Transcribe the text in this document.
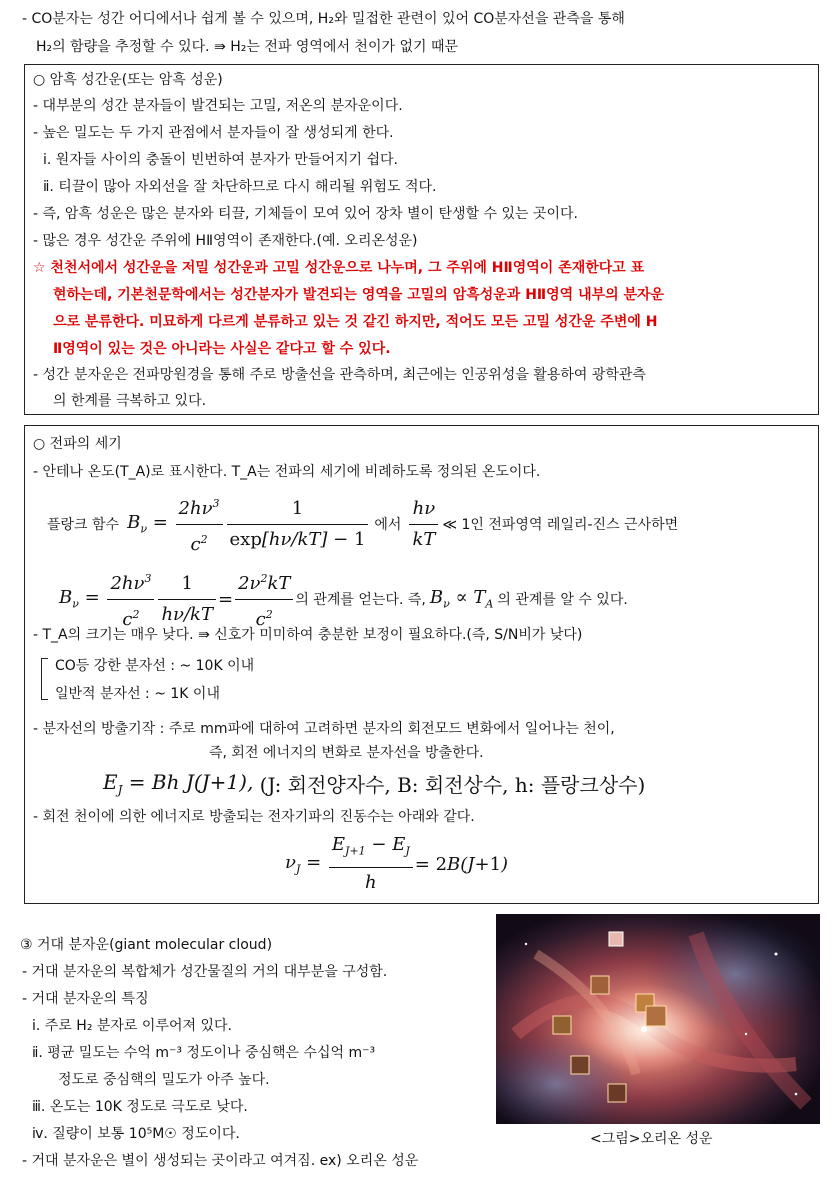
- CO분자는 성간 어디에서나 쉽게 볼 수 있으며, H₂와 밀접한 관련이 있어 CO분자선을 관측을 통해
H₂의 함량을 추정할 수 있다. ⇛ H₂는 전파 영역에서 천이가 없기 때문
○ 암흑 성간운(또는 암흑 성운)
- 대부분의 성간 분자들이 발견되는 고밀, 저온의 분자운이다.
- 높은 밀도는 두 가지 관점에서 분자들이 잘 생성되게 한다.
ⅰ. 원자들 사이의 충돌이 빈번하여 분자가 만들어지기 쉽다.
ⅱ. 티끌이 많아 자외선을 잘 차단하므로 다시 해리될 위험도 적다.
- 즉, 암흑 성운은 많은 분자와 티끌, 기체들이 모여 있어 장차 별이 탄생할 수 있는 곳이다.
- 많은 경우 성간운 주위에 HⅡ영역이 존재한다.(예. 오리온성운)
☆ 천천서에서 성간운을 저밀 성간운과 고밀 성간운으로 나누며, 그 주위에 HⅡ영역이 존재한다고 표
현하는데, 기본천문학에서는 성간분자가 발견되는 영역을 고밀의 암흑성운과 HⅡ영역 내부의 분자운
으로 분류한다. 미묘하게 다르게 분류하고 있는 것 같긴 하지만, 적어도 모든 고밀 성간운 주변에 H
Ⅱ영역이 있는 것은 아니라는 사실은 같다고 할 수 있다.
- 성간 분자운은 전파망원경을 통해 주로 방출선을 관측하며, 최근에는 인공위성을 활용하여 광학관측
의 한계를 극복하고 있다.
○ 전파의 세기
- 안테나 온도(T_A)로 표시한다. T_A는 전파의 세기에 비례하도록 정의된 온도이다.
플랑크 함수 $B_\nu = \frac{2h\nu^3}{c^2} \frac{1}{\exp[h\nu/kT] - 1}$ 에서 $\frac{h\nu}{kT}$ ≪ 1인 전파영역 레일리-진스 근사하면
$B_\nu = \frac{2h\nu^3}{c^2} \frac{1}{h\nu/kT} = \frac{2\nu^2kT}{c^2}$ 의 관계를 얻는다. 즉, $B_\nu \propto T_A$ 의 관계를 알 수 있다.
- T_A의 크기는 매우 낮다. ⇛ 신호가 미미하여 충분한 보정이 필요하다.(즉, S/N비가 낮다)
CO등 강한 분자선 : ~ 10K 이내
일반적 분자선 : ~ 1K 이내
- 분자선의 방출기작 : 주로 mm파에 대하여 고려하면 분자의 회전모드 변화에서 일어나는 천이,
즉, 회전 에너지의 변화로 분자선을 방출한다.
$E_J = Bh$ J(J+1), (J: 회전양자수, B: 회전상수, h: 플랑크상수)
- 회전 천이에 의한 에너지로 방출되는 전자기파의 진동수는 아래와 같다.
$\nu_J = \frac{E_{J+1} - E_J}{h} = 2B(J+1)$
③ 거대 분자운(giant molecular cloud)
- 거대 분자운의 복합체가 성간물질의 거의 대부분을 구성함.
- 거대 분자운의 특징
ⅰ. 주로 H₂ 분자로 이루어져 있다.
ⅱ. 평균 밀도는 수억 m⁻³ 정도이나 중심핵은 수십억 m⁻³
정도로 중심핵의 밀도가 아주 높다.
ⅲ. 온도는 10K 정도로 극도로 낮다.
ⅳ. 질량이 보통 10⁵M☉ 정도이다.
- 거대 분자운은 별이 생성되는 곳이라고 여겨짐. ex) 오리온 성운
<그림>오리온 성운
